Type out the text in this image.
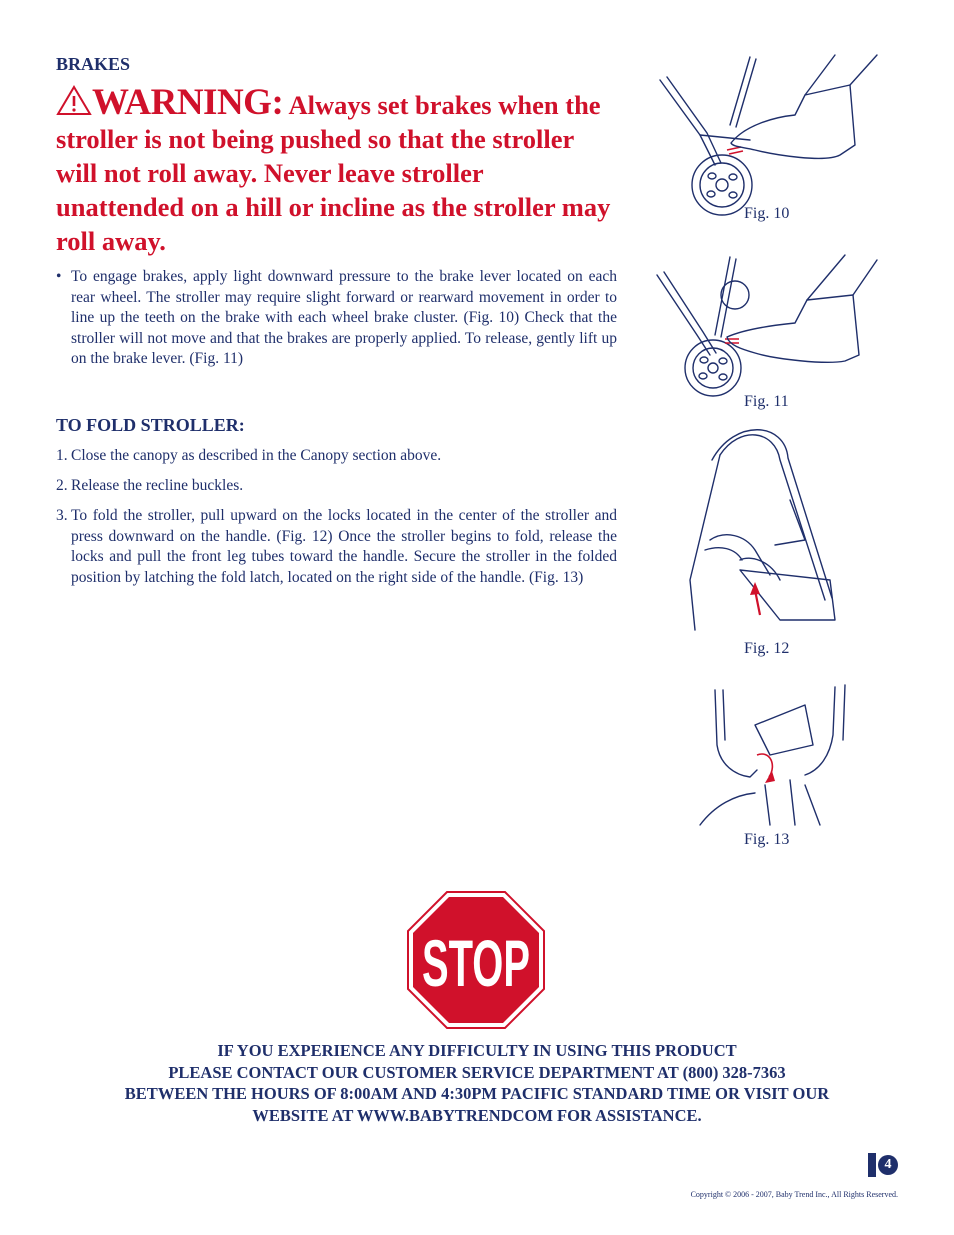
BRAKES
WARNING: Always set brakes when the stroller is not being pushed so that the stroller will not roll away. Never leave stroller unattended on a hill or incline as the stroller may roll away.
• To engage brakes, apply light downward pressure to the brake lever located on each rear wheel. The stroller may require slight forward or rearward movement in order to line up the teeth on the brake with each wheel brake cluster. (Fig. 10) Check that the stroller will not move and that the brakes are properly applied. To release, gently lift up on the brake lever. (Fig. 11)
TO FOLD STROLLER:
1. Close the canopy as described in the Canopy section above.
2. Release the recline buckles.
3. To fold the stroller, pull upward on the locks located in the center of the stroller and press downward on the handle. (Fig. 12) Once the stroller begins to fold, release the locks and pull the front leg tubes toward the handle. Secure the stroller in the folded position by latching the fold latch, located on the right side of the handle. (Fig. 13)
Fig. 10
Fig. 11
Fig. 12
Fig. 13
STOP
IF YOU EXPERIENCE ANY DIFFICULTY IN USING THIS PRODUCT
PLEASE CONTACT OUR CUSTOMER SERVICE DEPARTMENT AT (800) 328-7363
BETWEEN THE HOURS OF 8:00AM AND 4:30PM PACIFIC STANDARD TIME OR VISIT OUR
WEBSITE AT WWW.BABYTRENDCOM FOR ASSISTANCE.
4
Copyright © 2006 - 2007, Baby Trend Inc., All Rights Reserved.
